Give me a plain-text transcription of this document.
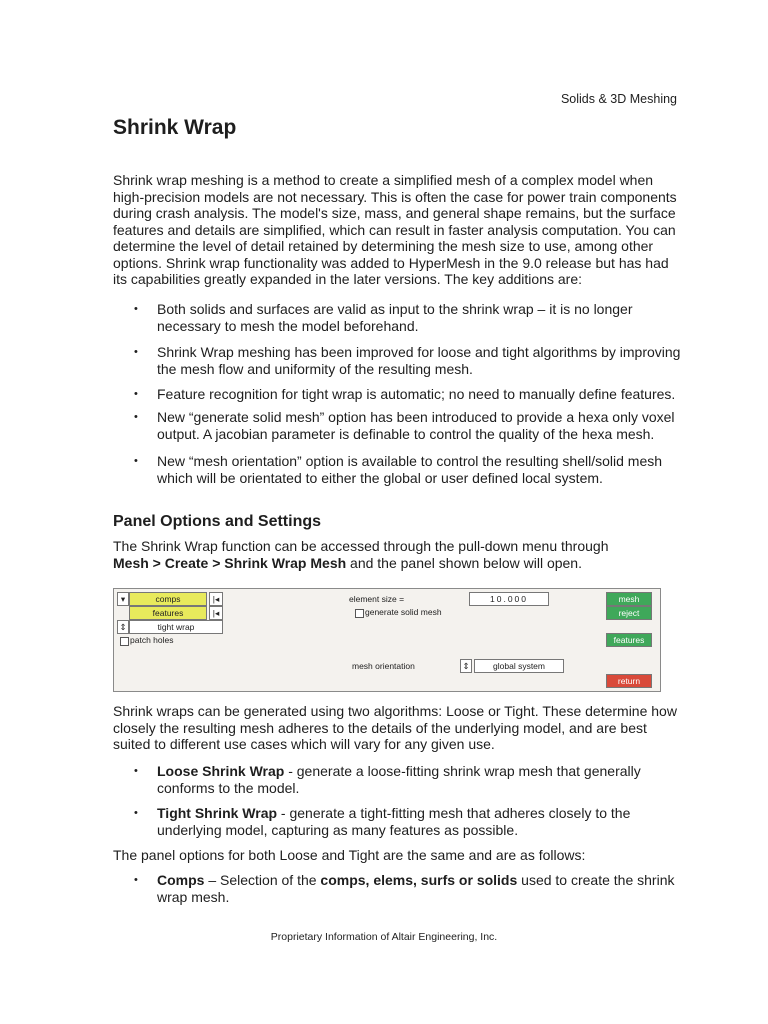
Solids & 3D Meshing
Shrink Wrap
Shrink wrap meshing is a method to create a simplified mesh of a complex model when
high-precision models are not necessary. This is often the case for power train components
during crash analysis. The model's size, mass, and general shape remains, but the surface
features and details are simplified, which can result in faster analysis computation. You can
determine the level of detail retained by determining the mesh size to use, among other
options. Shrink wrap functionality was added to HyperMesh in the 9.0 release but has had
its capabilities greatly expanded in the later versions. The key additions are:
• Both solids and surfaces are valid as input to the shrink wrap – it is no longer
necessary to mesh the model beforehand.
• Shrink Wrap meshing has been improved for loose and tight algorithms by improving
the mesh flow and uniformity of the resulting mesh.
• Feature recognition for tight wrap is automatic; no need to manually define features.
• New “generate solid mesh” option has been introduced to provide a hexa only voxel
output. A jacobian parameter is definable to control the quality of the hexa mesh.
• New “mesh orientation” option is available to control the resulting shell/solid mesh
which will be orientated to either the global or user defined local system.
Panel Options and Settings
The Shrink Wrap function can be accessed through the pull-down menu through
Mesh > Create > Shrink Wrap Mesh and the panel shown below will open.
▾	comps	|◂
features	|◂
⇕	tight wrap
patch holes
element size =
generate solid mesh
10.000
mesh orientation	⇕	global system
mesh
reject
features
return
Shrink wraps can be generated using two algorithms: Loose or Tight. These determine how
closely the resulting mesh adheres to the details of the underlying model, and are best
suited to different use cases which will vary for any given use.
• Loose Shrink Wrap - generate a loose-fitting shrink wrap mesh that generally
conforms to the model.
• Tight Shrink Wrap - generate a tight-fitting mesh that adheres closely to the
underlying model, capturing as many features as possible.
The panel options for both Loose and Tight are the same and are as follows:
• Comps – Selection of the comps, elems, surfs or solids used to create the shrink
wrap mesh.
Proprietary Information of Altair Engineering, Inc.
